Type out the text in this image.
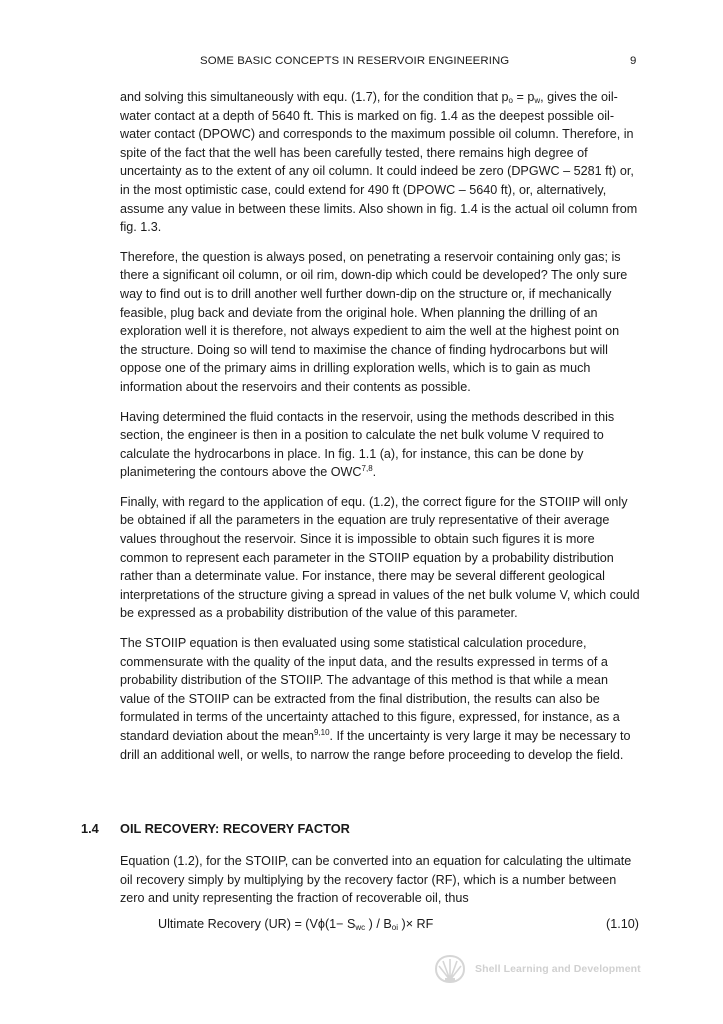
SOME BASIC CONCEPTS IN RESERVOIR ENGINEERING	9

and solving this simultaneously with equ. (1.7), for the condition that $p_o = p_w$, gives the oil-water contact at a depth of 5640 ft. This is marked on fig. 1.4 as the deepest possible oil-water contact (DPOWC) and corresponds to the maximum possible oil column. Therefore, in spite of the fact that the well has been carefully tested, there remains high degree of uncertainty as to the extent of any oil column. It could indeed be zero (DPGWC – 5281 ft) or, in the most optimistic case, could extend for 490 ft (DPOWC – 5640 ft), or, alternatively, assume any value in between these limits. Also shown in fig. 1.4 is the actual oil column from fig. 1.3.

Therefore, the question is always posed, on penetrating a reservoir containing only gas; is there a significant oil column, or oil rim, down-dip which could be developed? The only sure way to find out is to drill another well further down-dip on the structure or, if mechanically feasible, plug back and deviate from the original hole. When planning the drilling of an exploration well it is therefore, not always expedient to aim the well at the highest point on the structure. Doing so will tend to maximise the chance of finding hydrocarbons but will oppose one of the primary aims in drilling exploration wells, which is to gain as much information about the reservoirs and their contents as possible.

Having determined the fluid contacts in the reservoir, using the methods described in this section, the engineer is then in a position to calculate the net bulk volume V required to calculate the hydrocarbons in place. In fig. 1.1 (a), for instance, this can be done by planimetering the contours above the OWC$^{7,8}$.

Finally, with regard to the application of equ. (1.2), the correct figure for the STOIIP will only be obtained if all the parameters in the equation are truly representative of their average values throughout the reservoir. Since it is impossible to obtain such figures it is more common to represent each parameter in the STOIIP equation by a probability distribution rather than a determinate value. For instance, there may be several different geological interpretations of the structure giving a spread in values of the net bulk volume V, which could be expressed as a probability distribution of the value of this parameter.

The STOIIP equation is then evaluated using some statistical calculation procedure, commensurate with the quality of the input data, and the results expressed in terms of a probability distribution of the STOIIP. The advantage of this method is that while a mean value of the STOIIP can be extracted from the final distribution, the results can also be formulated in terms of the uncertainty attached to this figure, expressed, for instance, as a standard deviation about the mean$^{9,10}$. If the uncertainty is very large it may be necessary to drill an additional well, or wells, to narrow the range before proceeding to develop the field.

1.4 OIL RECOVERY: RECOVERY FACTOR
Equation (1.2), for the STOIIP, can be converted into an equation for calculating the ultimate oil recovery simply by multiplying by the recovery factor (RF), which is a number between zero and unity representing the fraction of recoverable oil, thus
Ultimate Recovery $(UR) = (V\phi(1- S_{wc}$ ) / $B_{oi}$ )× RF	(1.10)
Shell Learning and Development
